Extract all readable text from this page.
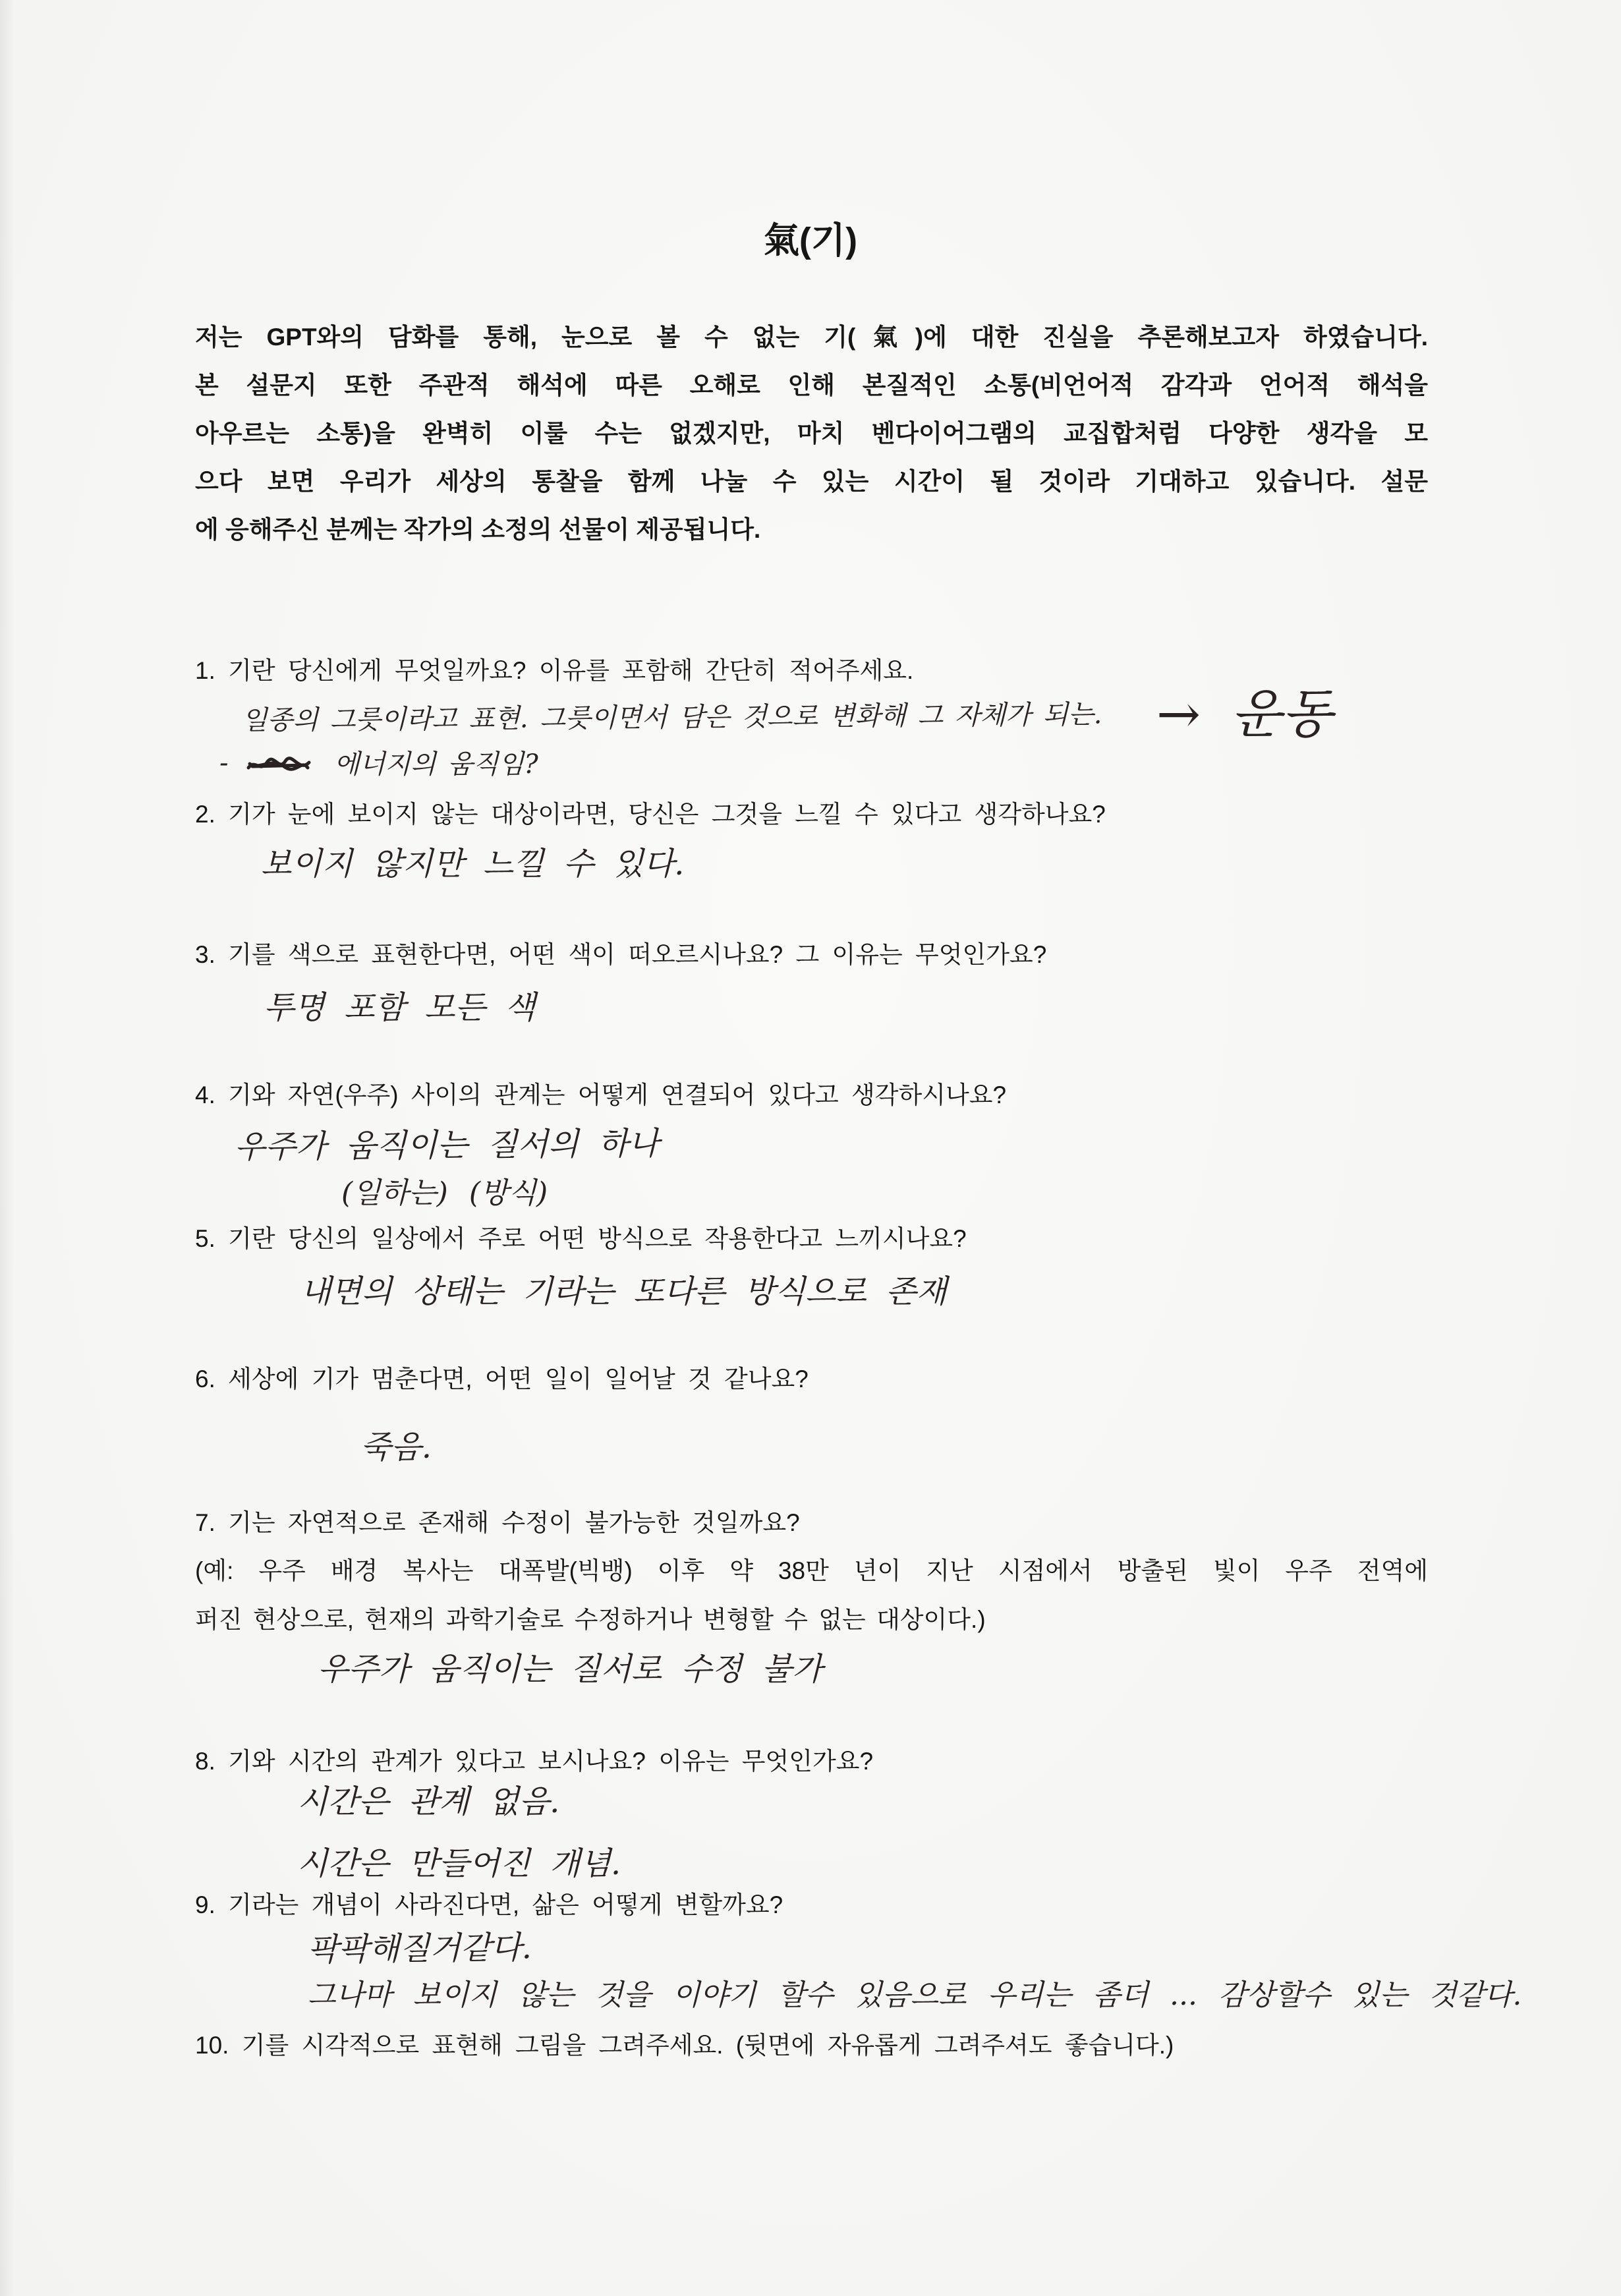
氣(기)
저는 GPT와의 담화를 통해, 눈으로 볼 수 없는 기(氣)에 대한 진실을 추론해보고자 하였습니다.
본 설문지 또한 주관적 해석에 따른 오해로 인해 본질적인 소통(비언어적 감각과 언어적 해석을
아우르는 소통)을 완벽히 이룰 수는 없겠지만, 마치 벤다이어그램의 교집합처럼 다양한 생각을 모
으다 보면 우리가 세상의 통찰을 함께 나눌 수 있는 시간이 될 것이라 기대하고 있습니다. 설문
에 응해주신 분께는 작가의 소정의 선물이 제공됩니다.
1. 기란 당신에게 무엇일까요? 이유를 포함해 간단히 적어주세요.
일종의 그릇이라고 표현. 그릇이면서 담은 것으로 변화해 그 자체가 되는. → 운동
-	에너지의 움직임?
2. 기가 눈에 보이지 않는 대상이라면, 당신은 그것을 느낄 수 있다고 생각하나요?
보이지 않지만 느낄 수 있다.
3. 기를 색으로 표현한다면, 어떤 색이 떠오르시나요? 그 이유는 무엇인가요?
투명 포함 모든 색
4. 기와 자연(우주) 사이의 관계는 어떻게 연결되어 있다고 생각하시나요?
우주가 움직이는 질서의 하나
(일하는) (방식)
5. 기란 당신의 일상에서 주로 어떤 방식으로 작용한다고 느끼시나요?
내면의 상태는 기라는 또다른 방식으로 존재
6. 세상에 기가 멈춘다면, 어떤 일이 일어날 것 같나요?
죽음.
7. 기는 자연적으로 존재해 수정이 불가능한 것일까요?
(예: 우주 배경 복사는 대폭발(빅뱅) 이후 약 38만 년이 지난 시점에서 방출된 빛이 우주 전역에
퍼진 현상으로, 현재의 과학기술로 수정하거나 변형할 수 없는 대상이다.)
우주가 움직이는 질서로 수정 불가
8. 기와 시간의 관계가 있다고 보시나요? 이유는 무엇인가요?
시간은 관계 없음.
시간은 만들어진 개념.
9. 기라는 개념이 사라진다면, 삶은 어떻게 변할까요?
팍팍해질거같다.
그나마 보이지 않는 것을 이야기 할수 있음으로 우리는 좀더 ... 감상할수 있는 것같다.
10. 기를 시각적으로 표현해 그림을 그려주세요. (뒷면에 자유롭게 그려주셔도 좋습니다.)
